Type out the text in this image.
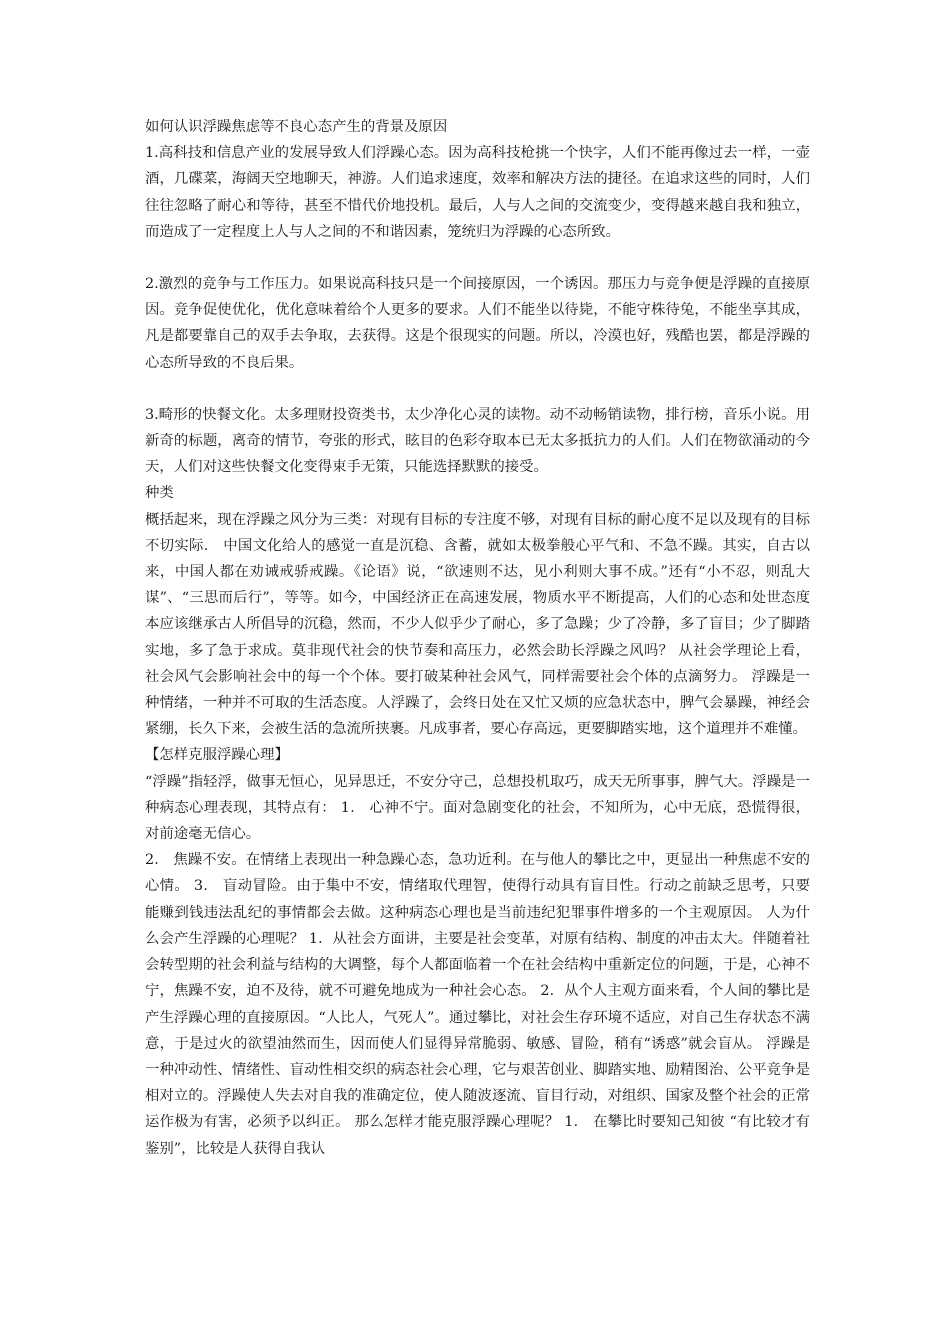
如何认识浮躁焦虑等不良心态产生的背景及原因

1.高科技和信息产业的发展导致人们浮躁心态。因为高科技枪挑一个快字，人们不能再像过去一样，一壶酒，几碟菜，海阔天空地聊天，神游。人们追求速度，效率和解决方法的捷径。在追求这些的同时，人们往往忽略了耐心和等待，甚至不惜代价地投机。最后，人与人之间的交流变少，变得越来越自我和独立，而造成了一定程度上人与人之间的不和谐因素，笼统归为浮躁的心态所致。

2.激烈的竞争与工作压力。如果说高科技只是一个间接原因，一个诱因。那压力与竞争便是浮躁的直接原因。竞争促使优化，优化意味着给个人更多的要求。人们不能坐以待毙，不能守株待兔，不能坐享其成，凡是都要靠自己的双手去争取，去获得。这是个很现实的问题。所以，冷漠也好，残酷也罢，都是浮躁的心态所导致的不良后果。

3.畸形的快餐文化。太多理财投资类书，太少净化心灵的读物。动不动畅销读物，排行榜，音乐小说。用新奇的标题，离奇的情节，夸张的形式，眩目的色彩夺取本已无太多抵抗力的人们。人们在物欲涌动的今天，人们对这些快餐文化变得束手无策，只能选择默默的接受。

种类

概括起来，现在浮躁之风分为三类：对现有目标的专注度不够，对现有目标的耐心度不足以及现有的目标不切实际． 中国文化给人的感觉一直是沉稳、含蓄，就如太极拳般心平气和、不急不躁。其实，自古以来，中国人都在劝诫戒骄戒躁。《论语》说，“欲速则不达，见小利则大事不成。”还有“小不忍，则乱大谋”、“三思而后行”，等等。如今，中国经济正在高速发展，物质水平不断提高，人们的心态和处世态度本应该继承古人所倡导的沉稳，然而，不少人似乎少了耐心，多了急躁；少了冷静，多了盲目；少了脚踏实地，多了急于求成。莫非现代社会的快节奏和高压力，必然会助长浮躁之风吗？ 从社会学理论上看，社会风气会影响社会中的每一个个体。要打破某种社会风气，同样需要社会个体的点滴努力。 浮躁是一种情绪，一种并不可取的生活态度。人浮躁了，会终日处在又忙又烦的应急状态中，脾气会暴躁，神经会紧绷，长久下来，会被生活的急流所挟裹。凡成事者，要心存高远，更要脚踏实地，这个道理并不难懂。

【怎样克服浮躁心理】

“浮躁”指轻浮，做事无恒心，见异思迁，不安分守己，总想投机取巧，成天无所事事，脾气大。浮躁是一种病态心理表现，其特点有： 1． 心神不宁。面对急剧变化的社会，不知所为，心中无底，恐慌得很，对前途毫无信心。

2． 焦躁不安。在情绪上表现出一种急躁心态，急功近利。在与他人的攀比之中，更显出一种焦虑不安的心情。 3． 盲动冒险。由于集中不安，情绪取代理智，使得行动具有盲目性。行动之前缺乏思考，只要能赚到钱违法乱纪的事情都会去做。这种病态心理也是当前违纪犯罪事件增多的一个主观原因。 人为什么会产生浮躁的心理呢？ 1．从社会方面讲，主要是社会变革，对原有结构、制度的冲击太大。伴随着社会转型期的社会利益与结构的大调整，每个人都面临着一个在社会结构中重新定位的问题，于是，心神不宁，焦躁不安，迫不及待，就不可避免地成为一种社会心态。 2．从个人主观方面来看，个人间的攀比是产生浮躁心理的直接原因。“人比人，气死人”。通过攀比，对社会生存环境不适应，对自己生存状态不满意，于是过火的欲望油然而生，因而使人们显得异常脆弱、敏感、冒险，稍有“诱惑”就会盲从。 浮躁是一种冲动性、情绪性、盲动性相交织的病态社会心理，它与艰苦创业、脚踏实地、励精图治、公平竞争是相对立的。浮躁使人失去对自我的准确定位，使人随波逐流、盲目行动，对组织、国家及整个社会的正常运作极为有害，必须予以纠正。 那么怎样才能克服浮躁心理呢？ 1． 在攀比时要知己知彼 “有比较才有鉴别”，比较是人获得自我认
